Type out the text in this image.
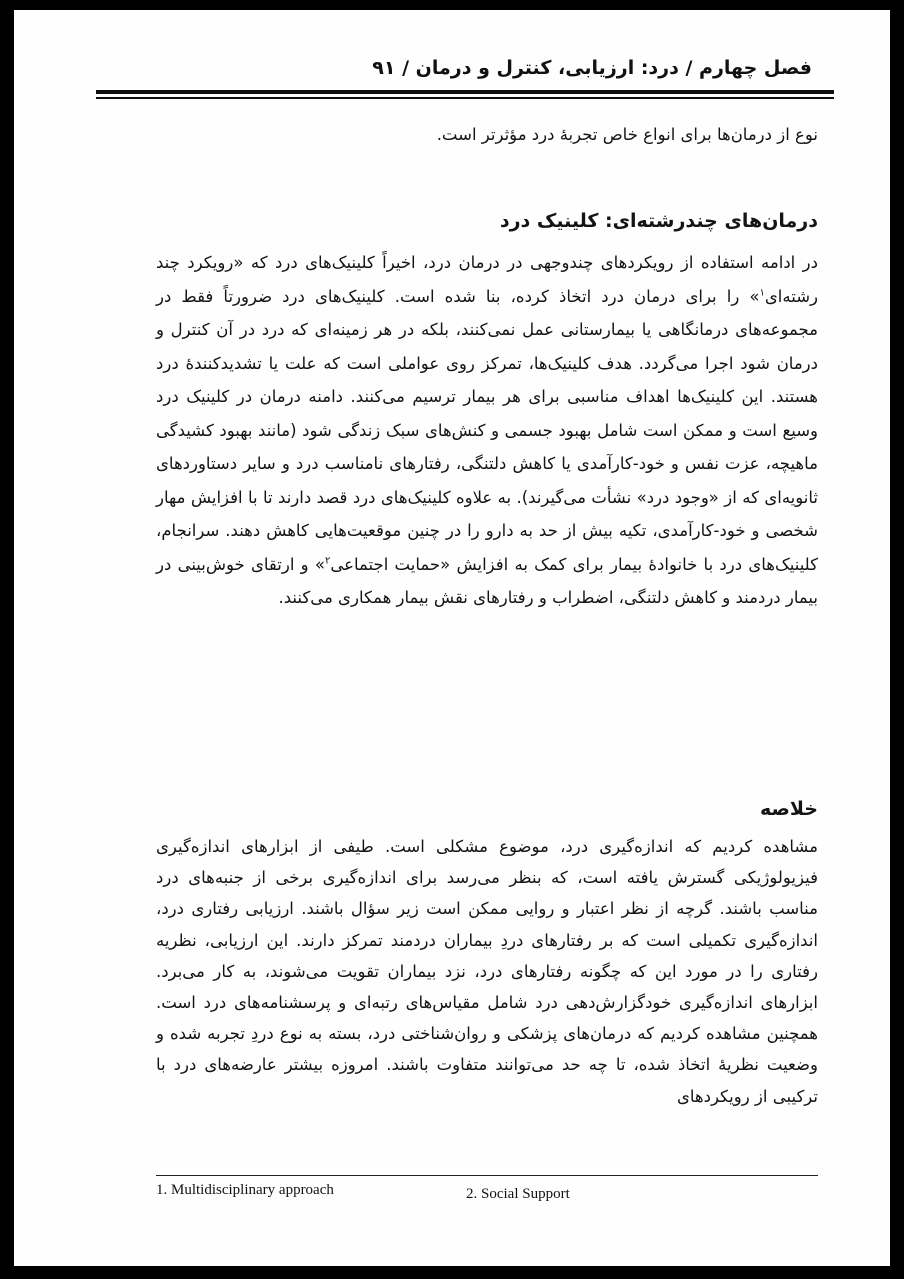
فصل چهارم / درد: ارزیابی، کنترل و درمان / ۹۱

نوع از درمان‌ها برای انواع خاص تجربهٔ درد مؤثرتر است.

درمان‌های چندرشته‌ای: کلینیک درد

در ادامه استفاده از رویکردهای چندوجهی در درمان درد، اخیراً کلینیک‌های درد که «رویکرد چند رشته‌ای$^۱$» را برای درمان درد اتخاذ کرده، بنا شده است. کلینیک‌های درد ضرورتاً فقط در مجموعه‌های درمانگاهی یا بیمارستانی عمل نمی‌کنند، بلکه در هر زمینه‌ای که درد در آن کنترل و درمان شود اجرا می‌گردد. هدف کلینیک‌ها، تمرکز روی عواملی است که علت یا تشدیدکنندهٔ درد هستند. این کلینیک‌ها اهداف مناسبی برای هر بیمار ترسیم می‌کنند. دامنه درمان در کلینیک درد وسیع است و ممکن است شامل بهبود جسمی و کنش‌های سبک زندگی شود (مانند بهبود کشیدگی ماهیچه، عزت نفس و خود-کارآمدی یا کاهش دلتنگی، رفتارهای نامناسب درد و سایر دستاوردهای ثانویه‌ای که از «وجود درد» نشأت می‌گیرند). به علاوه کلینیک‌های درد قصد دارند تا با افزایش مهار شخصی و خود-کارآمدی، تکیه بیش از حد به دارو را در چنین موقعیت‌هایی کاهش دهند. سرانجام، کلینیک‌های درد با خانوادهٔ بیمار برای کمک به افزایش «حمایت اجتماعی$^۲$» و ارتقای خوش‌بینی در بیمار دردمند و کاهش دلتنگی، اضطراب و رفتارهای نقش بیمار همکاری می‌کنند.

خلاصه

مشاهده کردیم که اندازه‌گیری درد، موضوع مشکلی است. طیفی از ابزارهای اندازه‌گیری فیزیولوژیکی گسترش یافته است، که بنظر می‌رسد برای اندازه‌گیری برخی از جنبه‌های درد مناسب باشند. گرچه از نظر اعتبار و روایی ممکن است زیر سؤال باشند. ارزیابی رفتاری درد، اندازه‌گیری تکمیلی است که بر رفتارهای دردِ بیماران دردمند تمرکز دارند. این ارزیابی، نظریه رفتاری را در مورد این که چگونه رفتارهای درد، نزد بیماران تقویت می‌شوند، به کار می‌برد. ابزارهای اندازه‌گیری خودگزارش‌دهی درد شامل مقیاس‌های رتبه‌ای و پرسشنامه‌های درد است. همچنین مشاهده کردیم که درمان‌های پزشکی و روان‌شناختی درد، بسته به نوع دردِ تجربه شده و وضعیت نظریهٔ اتخاذ شده، تا چه حد می‌توانند متفاوت باشند. امروزه بیشتر عارضه‌های درد با ترکیبی از رویکردهای

1. Multidisciplinary approach	2. Social Support
